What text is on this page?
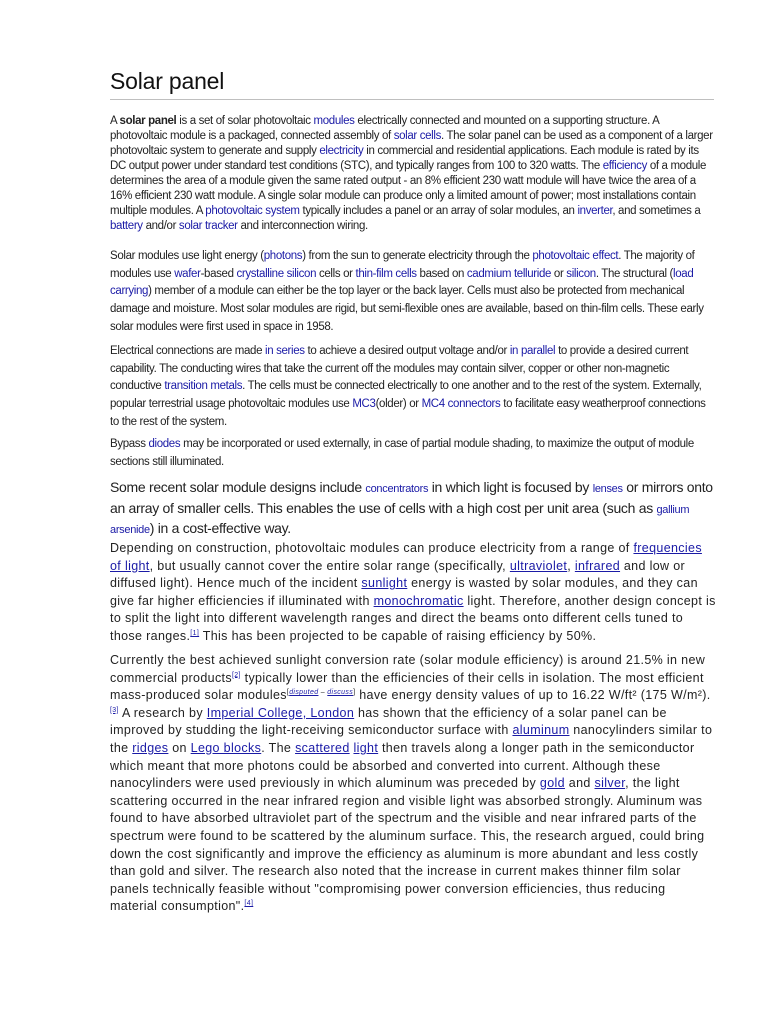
Solar panel

A solar panel is a set of solar photovoltaic modules electrically connected and mounted on a supporting structure. A photovoltaic module is a packaged, connected assembly of solar cells. The solar panel can be used as a component of a larger photovoltaic system to generate and supply electricity in commercial and residential applications. Each module is rated by its DC output power under standard test conditions (STC), and typically ranges from 100 to 320 watts. The efficiency of a module determines the area of a module given the same rated output - an 8% efficient 230 watt module will have twice the area of a 16% efficient 230 watt module. A single solar module can produce only a limited amount of power; most installations contain multiple modules. A photovoltaic system typically includes a panel or an array of solar modules, an inverter, and sometimes a battery and/or solar tracker and interconnection wiring.

Solar modules use light energy (photons) from the sun to generate electricity through the photovoltaic effect. The majority of modules use wafer-based crystalline silicon cells or thin-film cells based on cadmium telluride or silicon. The structural (load carrying) member of a module can either be the top layer or the back layer. Cells must also be protected from mechanical damage and moisture. Most solar modules are rigid, but semi-flexible ones are available, based on thin-film cells. These early solar modules were first used in space in 1958.

Electrical connections are made in series to achieve a desired output voltage and/or in parallel to provide a desired current capability. The conducting wires that take the current off the modules may contain silver, copper or other non-magnetic conductive transition metals. The cells must be connected electrically to one another and to the rest of the system. Externally, popular terrestrial usage photovoltaic modules use MC3(older) or MC4 connectors to facilitate easy weatherproof connections to the rest of the system.

Bypass diodes may be incorporated or used externally, in case of partial module shading, to maximize the output of module sections still illuminated.

Some recent solar module designs include concentrators in which light is focused by lenses or mirrors onto an array of smaller cells. This enables the use of cells with a high cost per unit area (such as gallium arsenide) in a cost-effective way.

Depending on construction, photovoltaic modules can produce electricity from a range of frequencies of light, but usually cannot cover the entire solar range (specifically, ultraviolet, infrared and low or diffused light). Hence much of the incident sunlight energy is wasted by solar modules, and they can give far higher efficiencies if illuminated with monochromatic light. Therefore, another design concept is to split the light into different wavelength ranges and direct the beams onto different cells tuned to those ranges.[1] This has been projected to be capable of raising efficiency by 50%.

Currently the best achieved sunlight conversion rate (solar module efficiency) is around 21.5% in new commercial products[2] typically lower than the efficiencies of their cells in isolation. The most efficient mass-produced solar modules[disputed – discuss] have energy density values of up to 16.22 W/ft² (175 W/m²).[3] A research by Imperial College, London has shown that the efficiency of a solar panel can be improved by studding the light-receiving semiconductor surface with aluminum nanocylinders similar to the ridges on Lego blocks. The scattered light then travels along a longer path in the semiconductor which meant that more photons could be absorbed and converted into current. Although these nanocylinders were used previously in which aluminum was preceded by gold and silver, the light scattering occurred in the near infrared region and visible light was absorbed strongly. Aluminum was found to have absorbed ultraviolet part of the spectrum and the visible and near infrared parts of the spectrum were found to be scattered by the aluminum surface. This, the research argued, could bring down the cost significantly and improve the efficiency as aluminum is more abundant and less costly than gold and silver. The research also noted that the increase in current makes thinner film solar panels technically feasible without "compromising power conversion efficiencies, thus reducing material consumption".[4]
